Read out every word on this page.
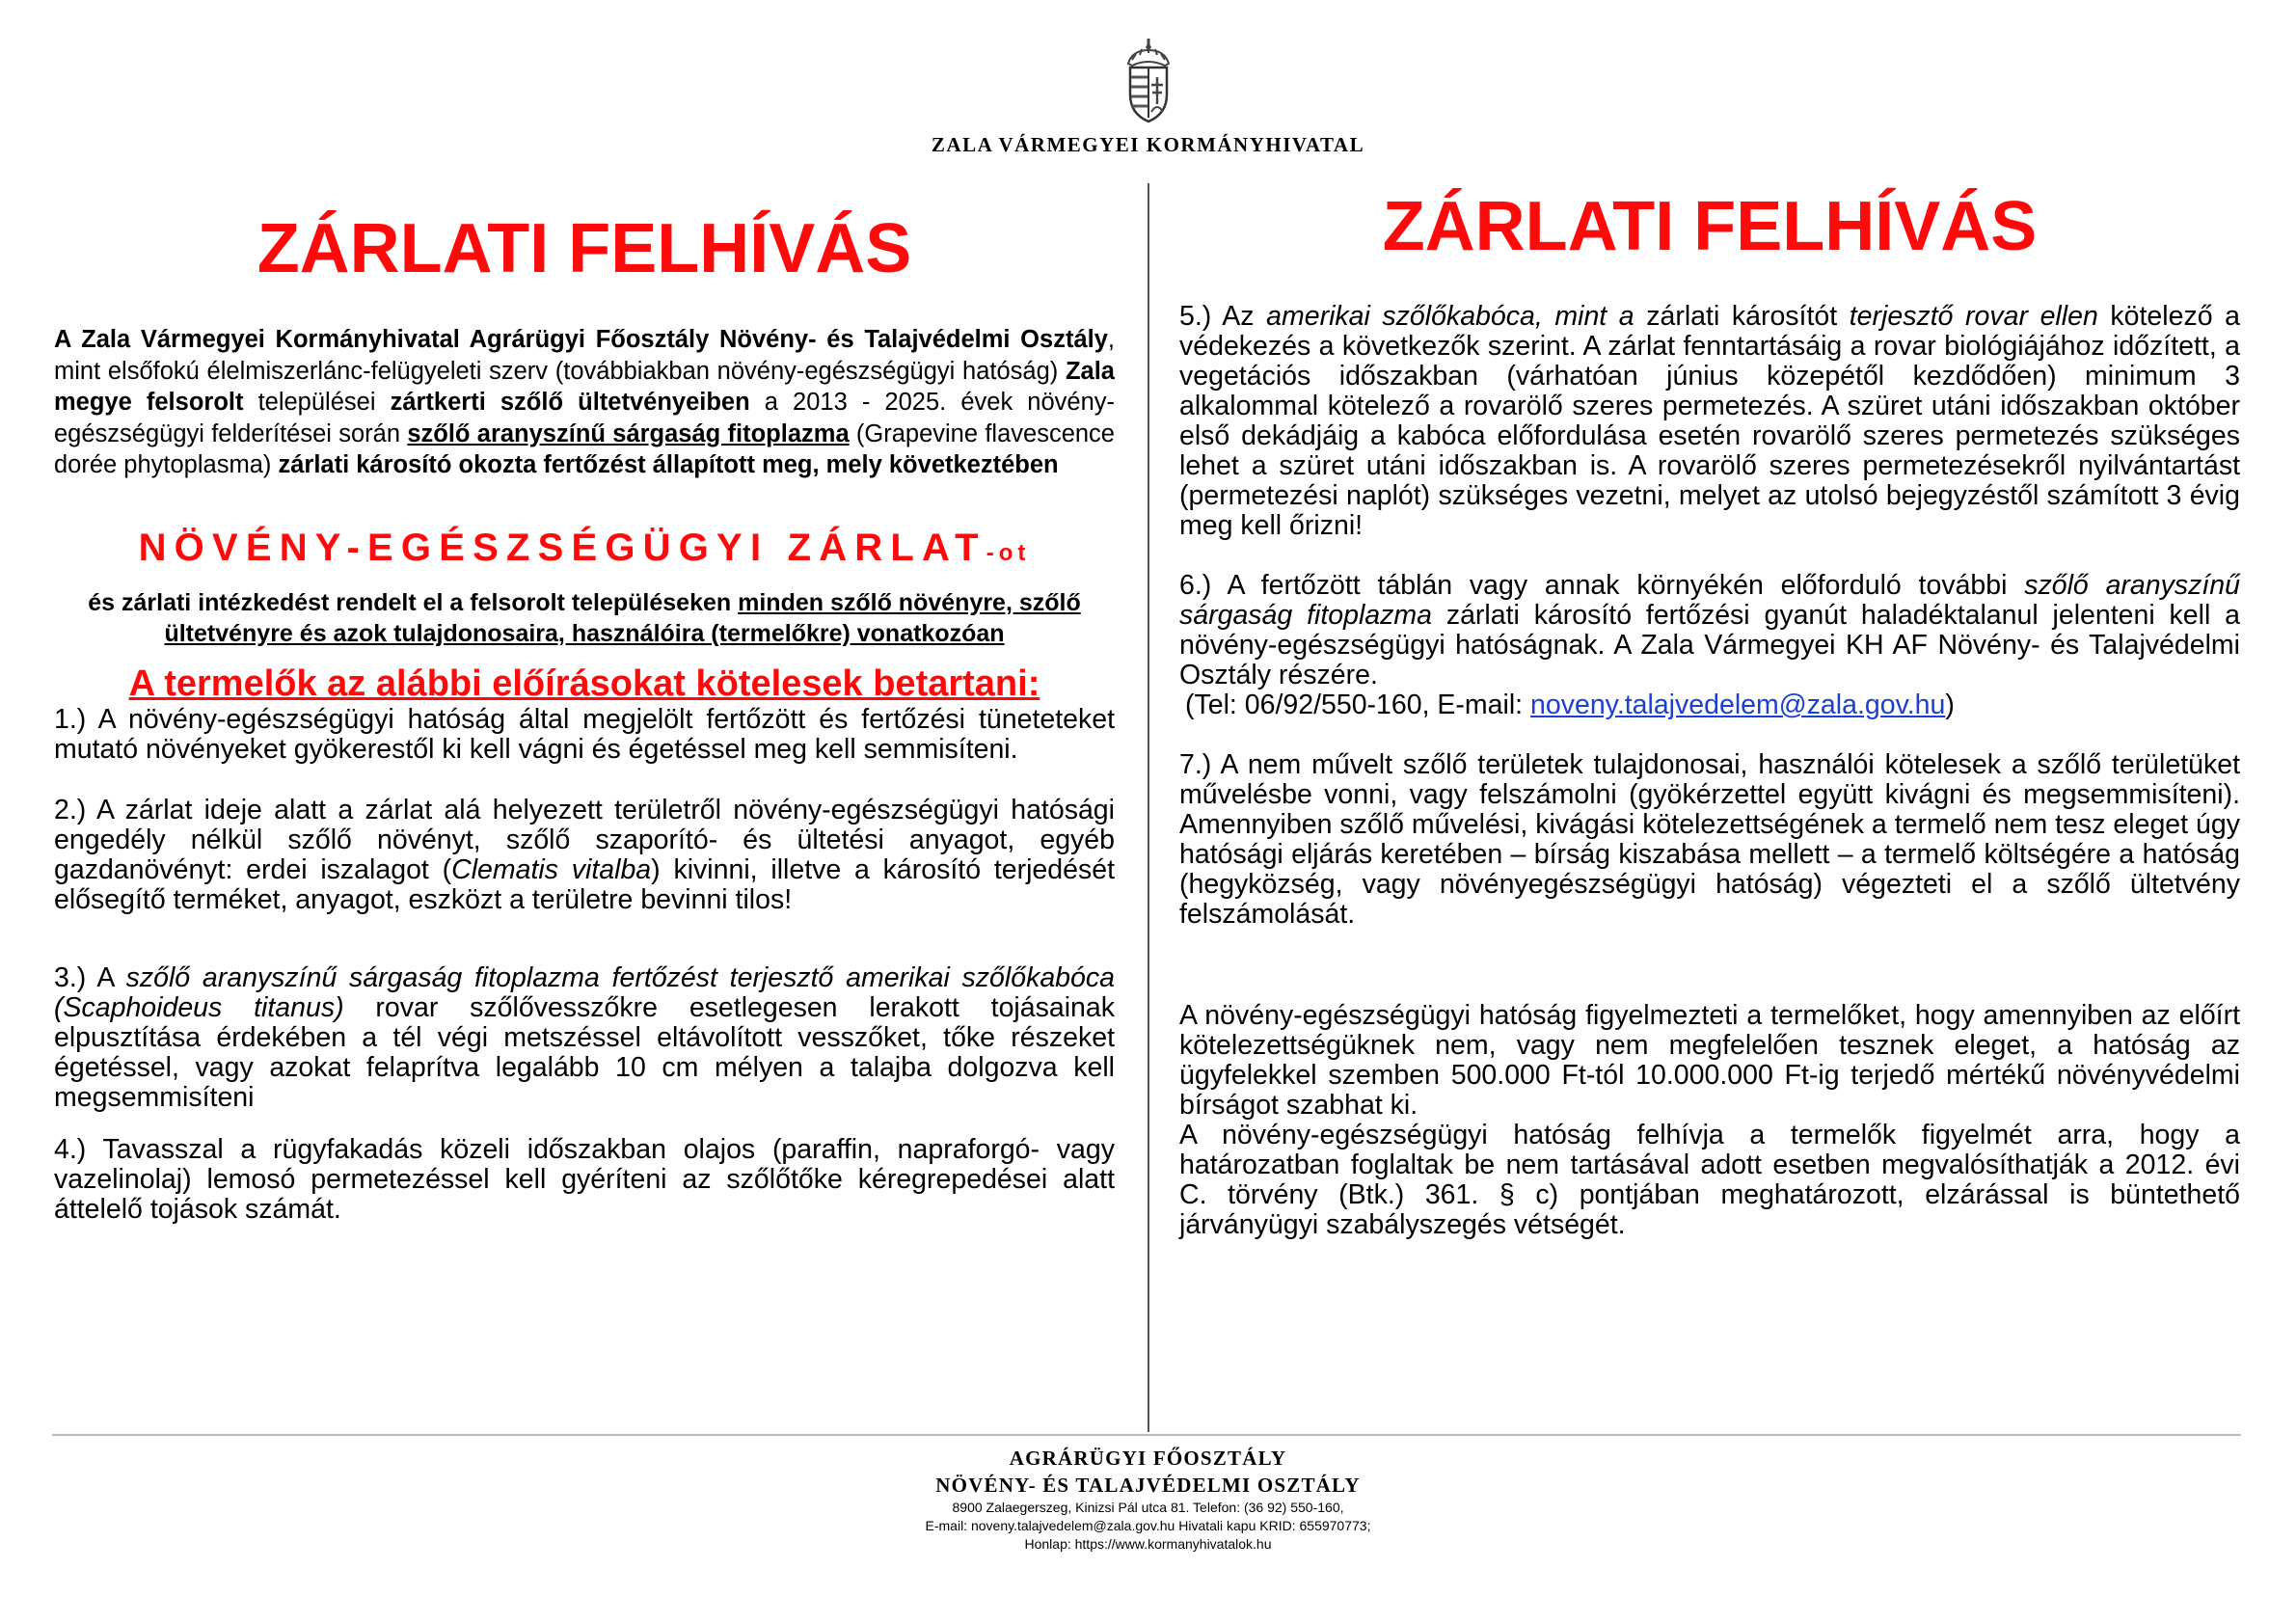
ZALA VÁRMEGYEI KORMÁNYHIVATAL
ZÁRLATI FELHÍVÁS

A Zala Vármegyei Kormányhivatal Agrárügyi Főosztály Növény- és Talajvédelmi Osztály, mint elsőfokú élelmiszerlánc-felügyeleti szerv (továbbiakban növény-egészségügyi hatóság) Zala megye felsorolt települései zártkerti szőlő ültetvényeiben a 2013 - 2025. évek növény-egészségügyi felderítései során szőlő aranyszínű sárgaság fitoplazma (Grapevine flavescence dorée phytoplasma) zárlati károsító okozta fertőzést állapított meg, mely következtében

NÖVÉNY-EGÉSZSÉGÜGYI ZÁRLAT-ot

és zárlati intézkedést rendelt el a felsorolt településeken minden szőlő növényre, szőlő ültetvényre és azok tulajdonosaira, használóira (termelőkre) vonatkozóan

A termelők az alábbi előírásokat kötelesek betartani:

1.) A növény-egészségügyi hatóság által megjelölt fertőzött és fertőzési tüneteteket mutató növényeket gyökerestől ki kell vágni és égetéssel meg kell semmisíteni.

2.) A zárlat ideje alatt a zárlat alá helyezett területről növény-egészségügyi hatósági engedély nélkül szőlő növényt, szőlő szaporító- és ültetési anyagot, egyéb gazdanövényt: erdei iszalagot (Clematis vitalba) kivinni, illetve a károsító terjedését elősegítő terméket, anyagot, eszközt a területre bevinni tilos!

3.) A szőlő aranyszínű sárgaság fitoplazma fertőzést terjesztő amerikai szőlőkabóca (Scaphoideus titanus) rovar szőlővesszőkre esetlegesen lerakott tojásainak elpusztítása érdekében a tél végi metszéssel eltávolított vesszőket, tőke részeket égetéssel, vagy azokat felaprítva legalább 10 cm mélyen a talajba dolgozva kell megsemmisíteni

4.) Tavasszal a rügyfakadás közeli időszakban olajos (paraffin, napraforgó- vagy vazelinolaj) lemosó permetezéssel kell gyéríteni az szőlőtőke kéregrepedései alatt áttelelő tojások számát.

ZÁRLATI FELHÍVÁS

5.) Az amerikai szőlőkabóca, mint a zárlati károsítót terjesztő rovar ellen kötelező a védekezés a következők szerint. A zárlat fenntartásáig a rovar biológiájához időzített, a vegetációs időszakban (várhatóan június közepétől kezdődően) minimum 3 alkalommal kötelező a rovarölő szeres permetezés. A szüret utáni időszakban október első dekádjáig a kabóca előfordulása esetén rovarölő szeres permetezés szükséges lehet a szüret utáni időszakban is. A rovarölő szeres permetezésekről nyilvántartást (permetezési naplót) szükséges vezetni, melyet az utolsó bejegyzéstől számított 3 évig meg kell őrizni!

6.) A fertőzött táblán vagy annak környékén előforduló további szőlő aranyszínű sárgaság fitoplazma zárlati károsító fertőzési gyanút haladéktalanul jelenteni kell a növény-egészségügyi hatóságnak. A Zala Vármegyei KH AF Növény- és Talajvédelmi Osztály részére.
(Tel: 06/92/550-160, E-mail: noveny.talajvedelem@zala.gov.hu)

7.) A nem művelt szőlő területek tulajdonosai, használói kötelesek a szőlő területüket művelésbe vonni, vagy felszámolni (gyökérzettel együtt kivágni és megsemmisíteni). Amennyiben szőlő művelési, kivágási kötelezettségének a termelő nem tesz eleget úgy hatósági eljárás keretében – bírság kiszabása mellett – a termelő költségére a hatóság (hegyközség, vagy növényegészségügyi hatóság) végezteti el a szőlő ültetvény felszámolását.

A növény-egészségügyi hatóság figyelmezteti a termelőket, hogy amennyiben az előírt kötelezettségüknek nem, vagy nem megfelelően tesznek eleget, a hatóság az ügyfelekkel szemben 500.000 Ft-tól 10.000.000 Ft-ig terjedő mértékű növényvédelmi bírságot szabhat ki.

A növény-egészségügyi hatóság felhívja a termelők figyelmét arra, hogy a határozatban foglaltak be nem tartásával adott esetben megvalósíthatják a 2012. évi C. törvény (Btk.) 361. § c) pontjában meghatározott, elzárással is büntethető járványügyi szabályszegés vétségét.

AGRÁRÜGYI FŐOSZTÁLY
NÖVÉNY- ÉS TALAJVÉDELMI OSZTÁLY
8900 Zalaegerszeg, Kinizsi Pál utca 81. Telefon: (36 92) 550-160,
E-mail: noveny.talajvedelem@zala.gov.hu Hivatali kapu KRID: 655970773;
Honlap: https://www.kormanyhivatalok.hu
